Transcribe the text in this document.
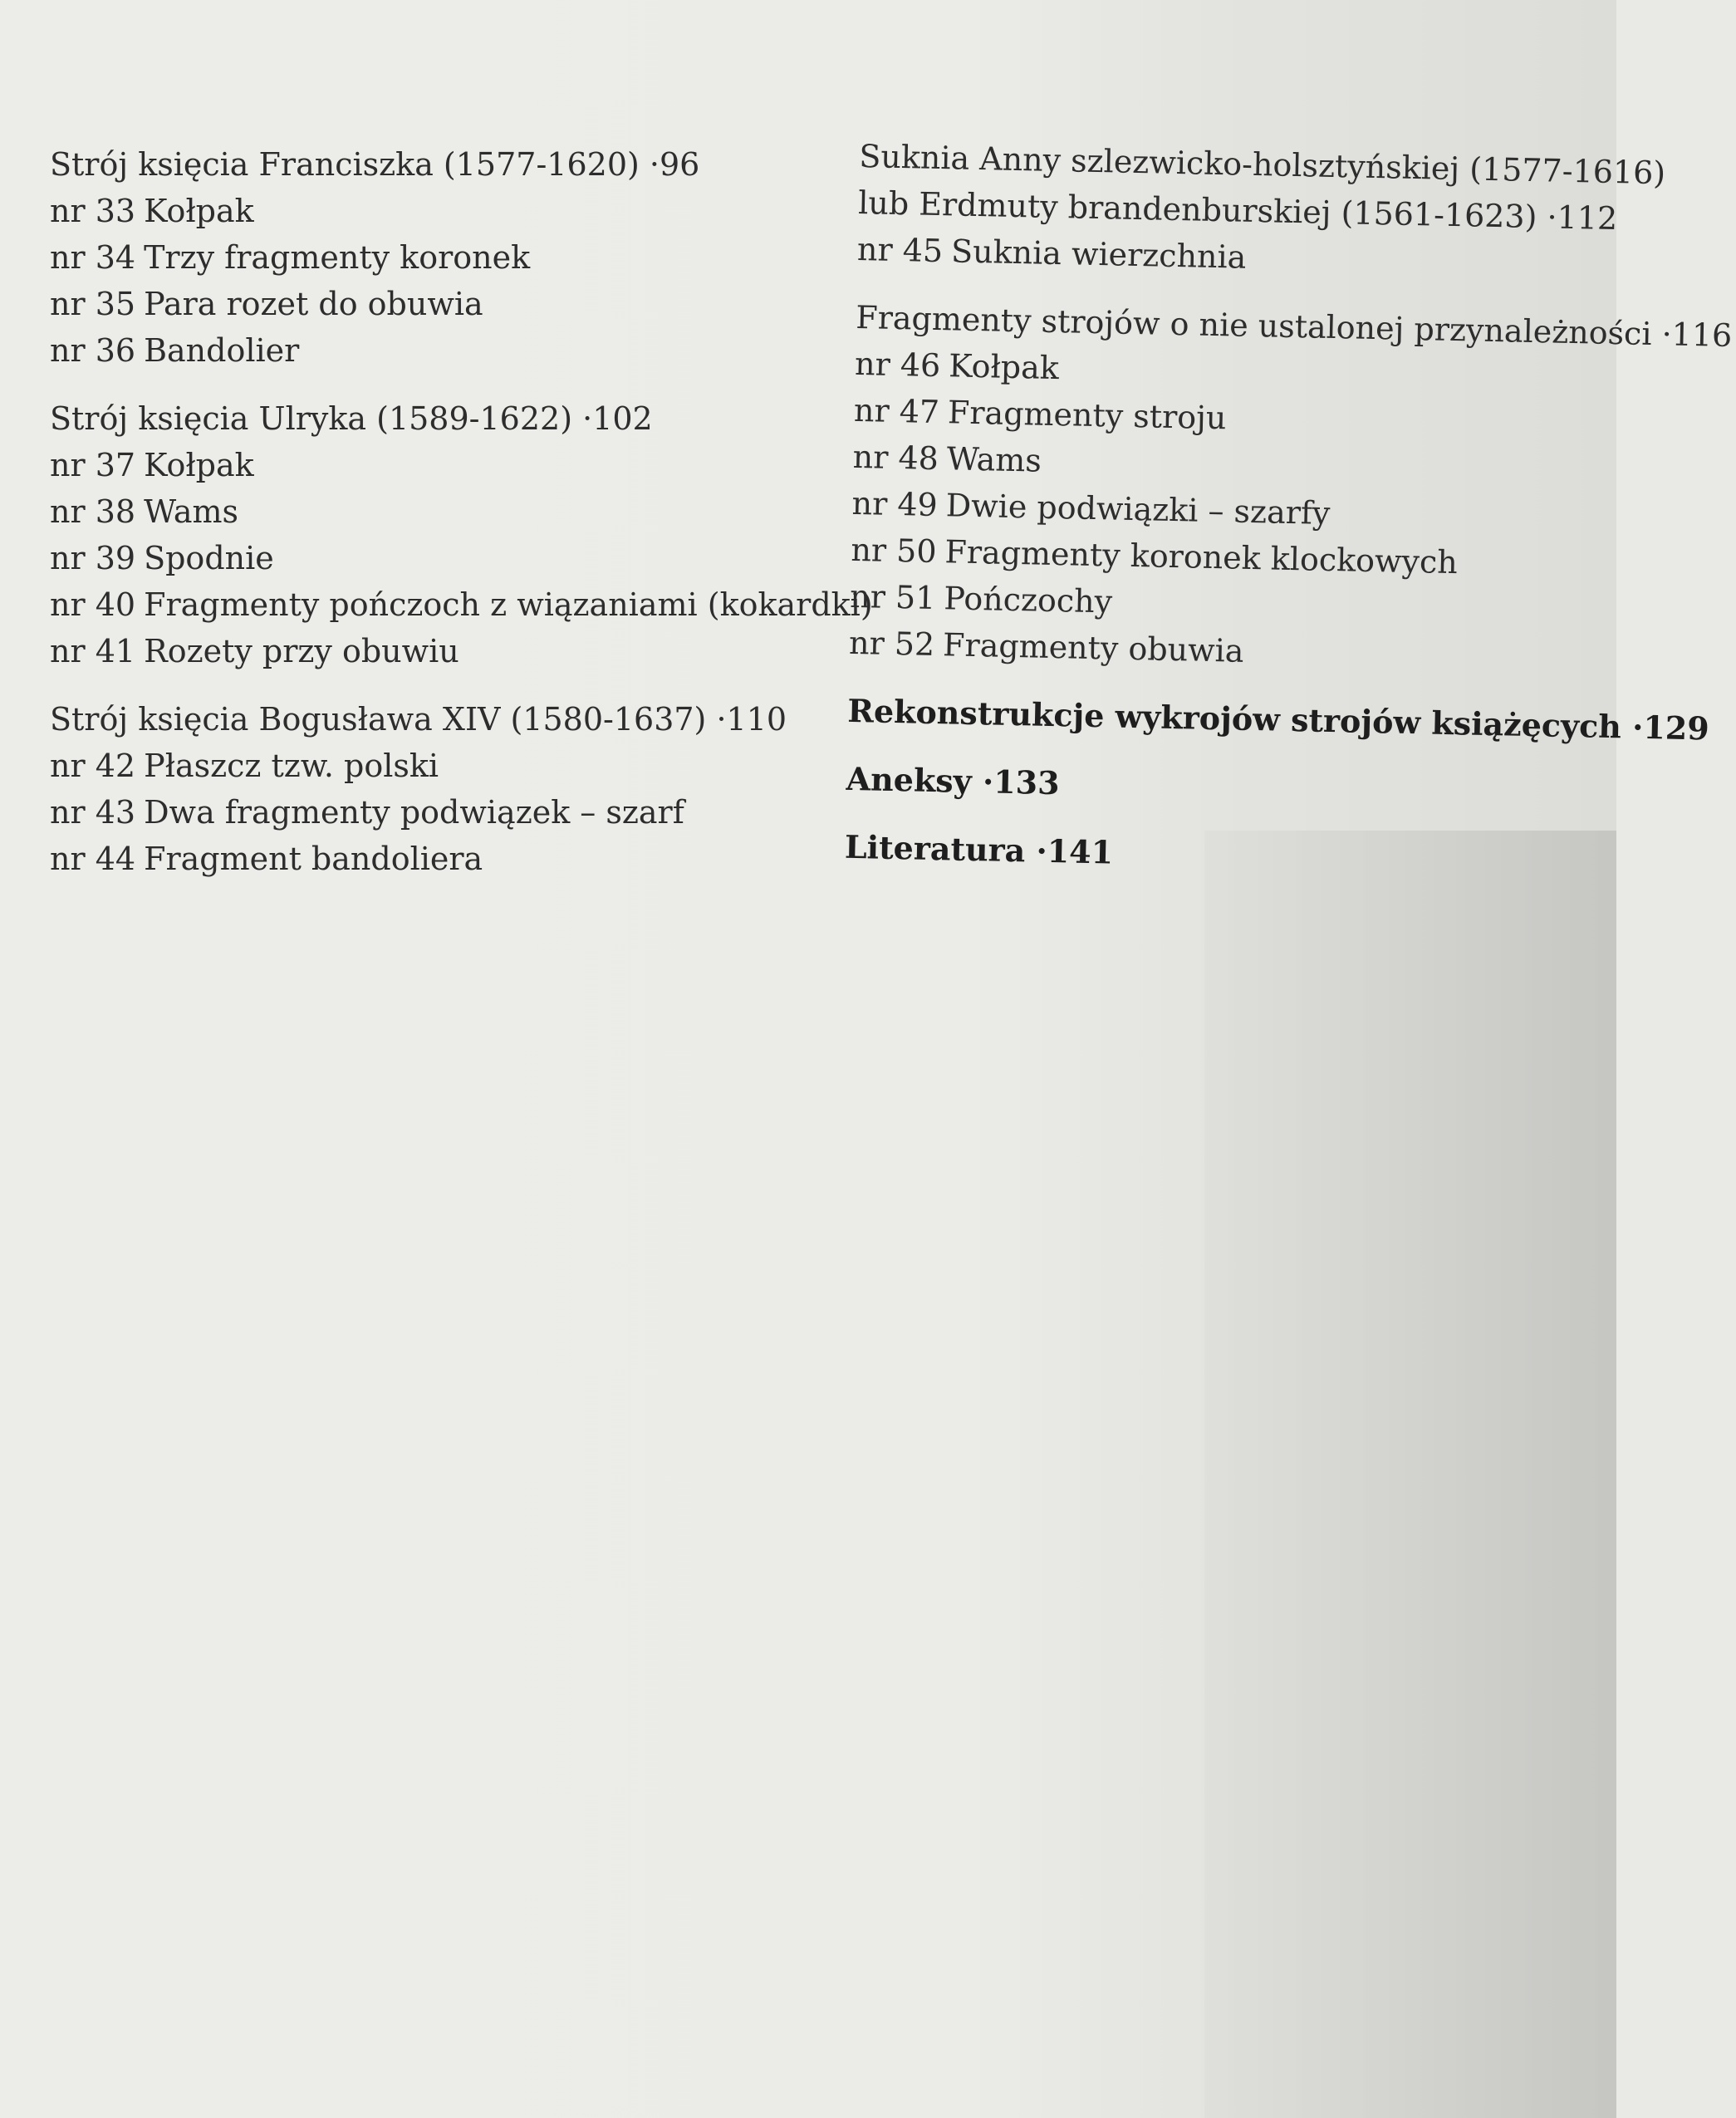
Strój księcia Franciszka (1577-1620) · 96
nr 33 Kołpak
nr 34 Trzy fragmenty koronek
nr 35 Para rozet do obuwia
nr 36 Bandolier
Strój księcia Ulryka (1589-1622) · 102
nr 37 Kołpak
nr 38 Wams
nr 39 Spodnie
nr 40 Fragmenty pończoch z wiązaniami (kokardki)
nr 41 Rozety przy obuwiu
Strój księcia Bogusława XIV (1580-1637) · 110
nr 42 Płaszcz tzw. polski
nr 43 Dwa fragmenty podwiązek – szarf
nr 44 Fragment bandoliera
Suknia Anny szlezwicko-holsztyńskiej (1577-1616)
lub Erdmuty brandenburskiej (1561-1623) · 112
nr 45 Suknia wierzchnia
Fragmenty strojów o nie ustalonej przynależności · 116
nr 46 Kołpak
nr 47 Fragmenty stroju
nr 48 Wams
nr 49 Dwie podwiązki – szarfy
nr 50 Fragmenty koronek klockowych
nr 51 Pończochy
nr 52 Fragmenty obuwia
Rekonstrukcje wykrojów strojów książęcych · 129
Aneksy · 133
Literatura · 141
